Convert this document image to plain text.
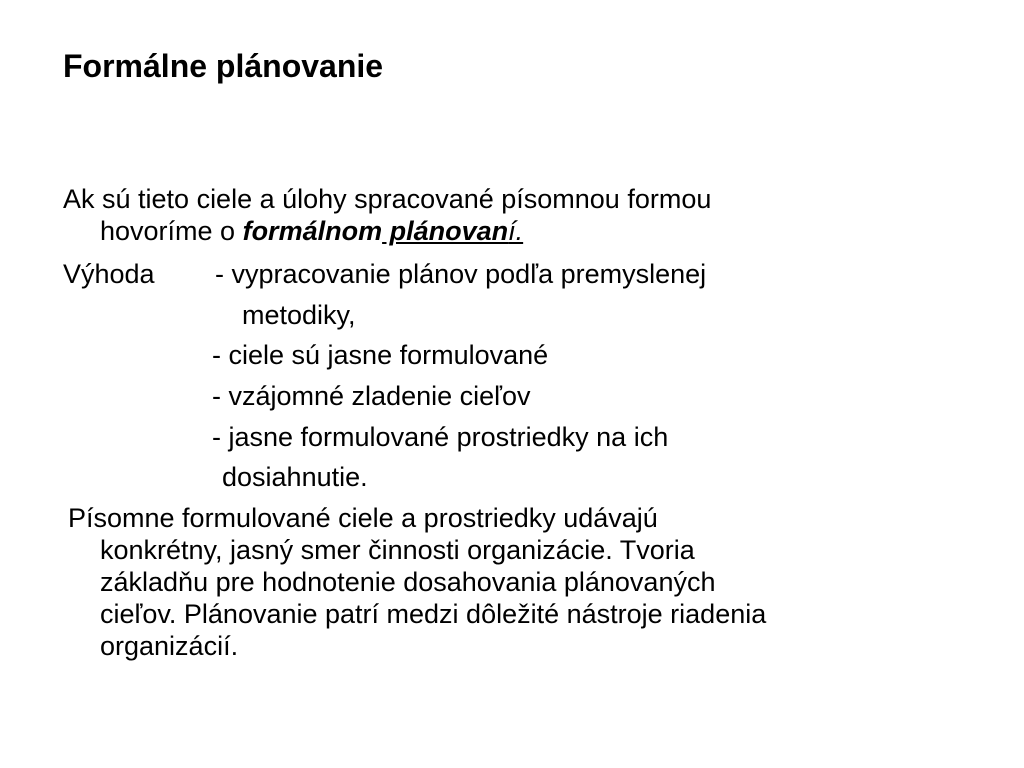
Formálne plánovanie

Ak sú tieto ciele a úlohy spracované písomnou formou

hovoríme o formálnom plánovaní.

Výhoda - vypracovanie plánov podľa premyslenej

metodiky,

- ciele sú jasne formulované

- vzájomné zladenie cieľov

- jasne formulované prostriedky na ich

dosiahnutie.

Písomne formulované ciele a prostriedky udávajú

konkrétny, jasný smer činnosti organizácie. Tvoria

základňu pre hodnotenie dosahovania plánovaných

cieľov. Plánovanie patrí medzi dôležité nástroje riadenia

organizácií.
